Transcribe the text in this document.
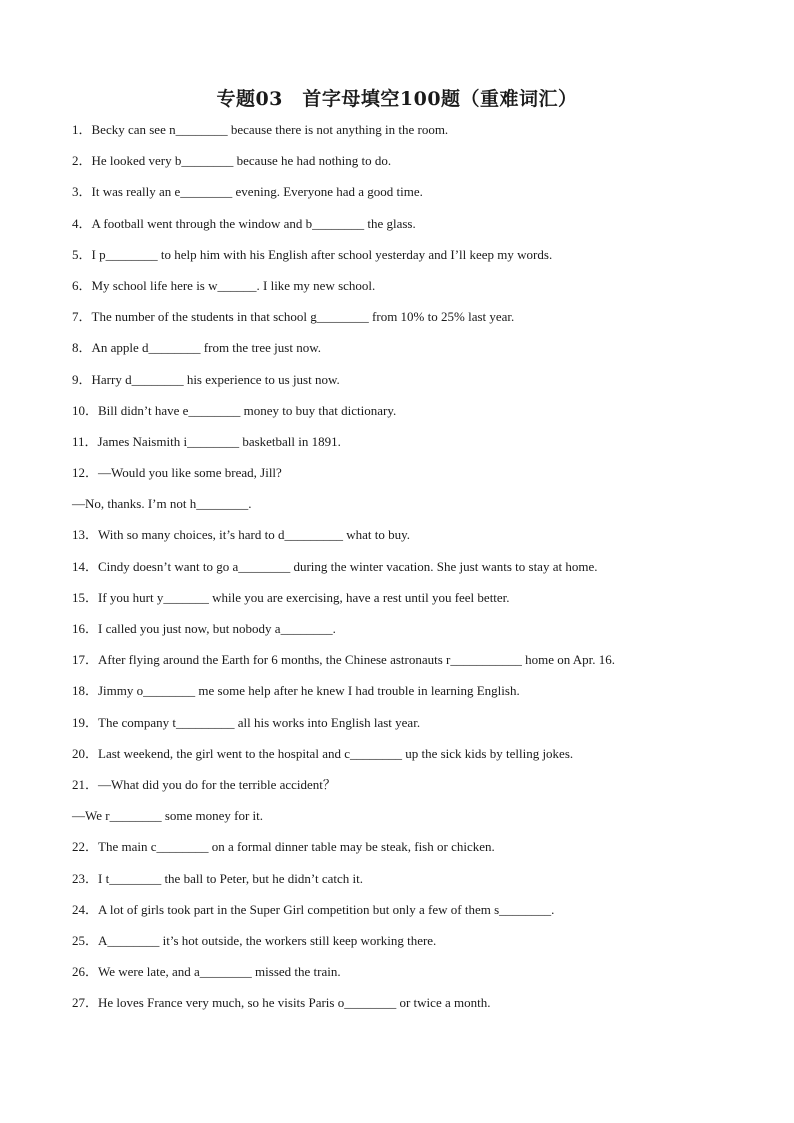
专题03　首字母填空100题（重难词汇）
1．Becky can see n________ because there is not anything in the room.
2．He looked very b________ because he had nothing to do.
3．It was really an e________ evening. Everyone had a good time.
4．A football went through the window and b________ the glass.
5．I p________ to help him with his English after school yesterday and I’ll keep my words.
6．My school life here is w______. I like my new school.
7．The number of the students in that school g________ from 10% to 25% last year.
8．An apple d________ from the tree just now.
9．Harry d________ his experience to us just now.
10．Bill didn’t have e________ money to buy that dictionary.
11．James Naismith i________ basketball in 1891.
12．—Would you like some bread, Jill?
—No, thanks. I’m not h________.
13．With so many choices, it’s hard to d_________ what to buy.
14．Cindy doesn’t want to go a________ during the winter vacation. She just wants to stay at home.
15．If you hurt y_______ while you are exercising, have a rest until you feel better.
16．I called you just now, but nobody a________.
17．After flying around the Earth for 6 months, the Chinese astronauts r___________ home on Apr. 16.
18．Jimmy o________ me some help after he knew I had trouble in learning English.
19．The company t_________ all his works into English last year.
20．Last weekend, the girl went to the hospital and c________ up the sick kids by telling jokes.
21．—What did you do for the terrible accident？
—We r________ some money for it.
22．The main c________ on a formal dinner table may be steak, fish or chicken.
23．I t________ the ball to Peter, but he didn’t catch it.
24．A lot of girls took part in the Super Girl competition but only a few of them s________.
25．A________ it’s hot outside, the workers still keep working there.
26．We were late, and a________ missed the train.
27．He loves France very much, so he visits Paris o________ or twice a month.
